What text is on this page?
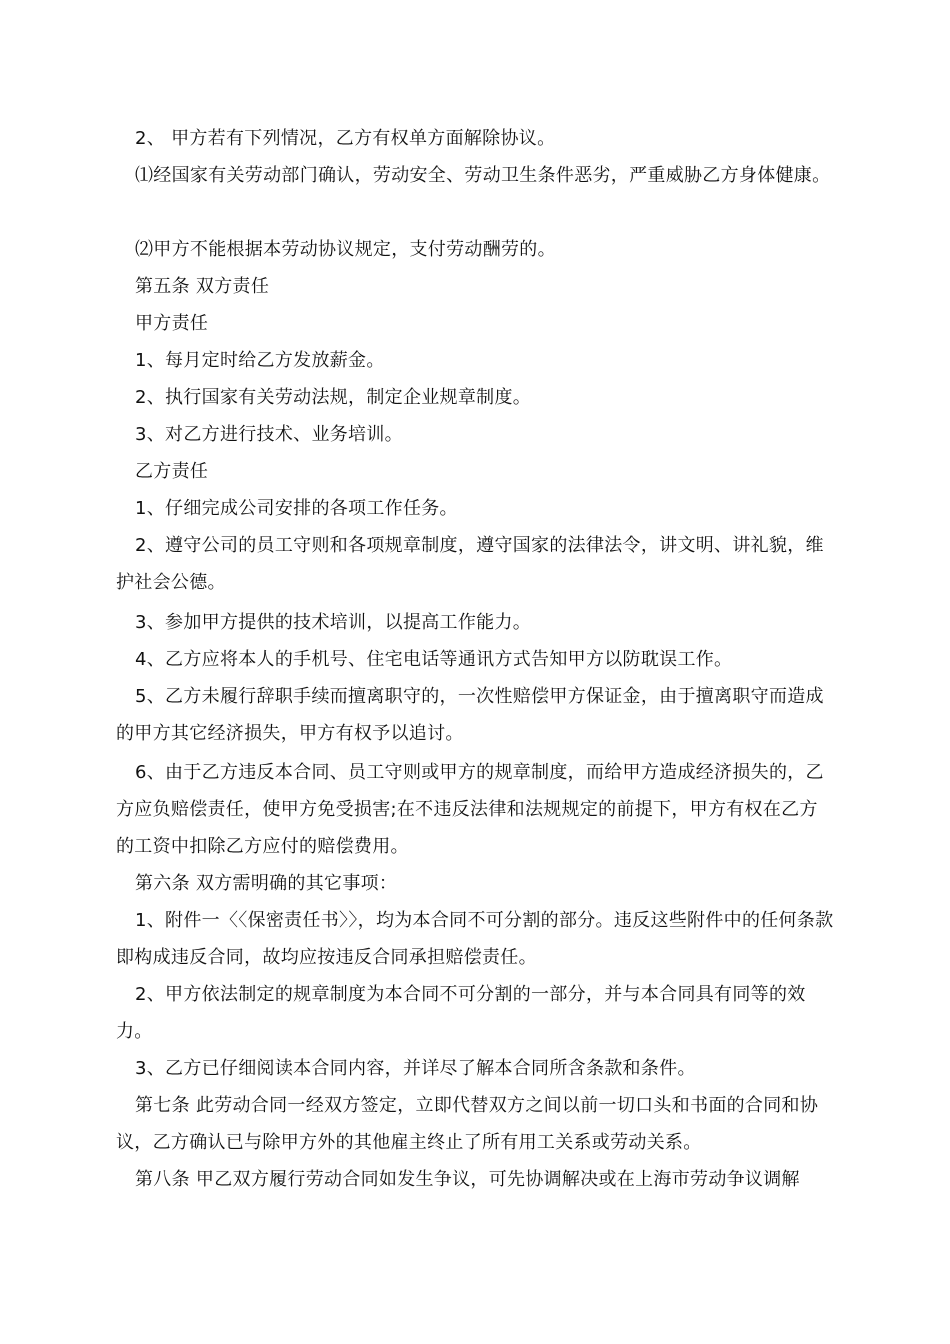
2、 甲方若有下列情况，乙方有权单方面解除协议。

⑴经国家有关劳动部门确认，劳动安全、劳动卫生条件恶劣，严重威胁乙方身体健康。

⑵甲方不能根据本劳动协议规定，支付劳动酬劳的。

第五条 双方责任

甲方责任

1、每月定时给乙方发放薪金。

2、执行国家有关劳动法规，制定企业规章制度。

3、对乙方进行技术、业务培训。

乙方责任

1、仔细完成公司安排的各项工作任务。

2、遵守公司的员工守则和各项规章制度，遵守国家的法律法令，讲文明、讲礼貌，维护社会公德。

3、参加甲方提供的技术培训，以提高工作能力。

4、乙方应将本人的手机号、住宅电话等通讯方式告知甲方以防耽误工作。

5、乙方未履行辞职手续而擅离职守的，一次性赔偿甲方保证金，由于擅离职守而造成的甲方其它经济损失，甲方有权予以追讨。

6、由于乙方违反本合同、员工守则或甲方的规章制度，而给甲方造成经济损失的，乙方应负赔偿责任，使甲方免受损害;在不违反法律和法规规定的前提下，甲方有权在乙方的工资中扣除乙方应付的赔偿费用。

第六条 双方需明确的其它事项：

1、附件一〈〈保密责任书〉〉，均为本合同不可分割的部分。违反这些附件中的任何条款即构成违反合同，故均应按违反合同承担赔偿责任。

2、甲方依法制定的规章制度为本合同不可分割的一部分，并与本合同具有同等的效力。

3、乙方已仔细阅读本合同内容，并详尽了解本合同所含条款和条件。

第七条 此劳动合同一经双方签定，立即代替双方之间以前一切口头和书面的合同和协议，乙方确认已与除甲方外的其他雇主终止了所有用工关系或劳动关系。

第八条 甲乙双方履行劳动合同如发生争议，可先协调解决或在上海市劳动争议调解
